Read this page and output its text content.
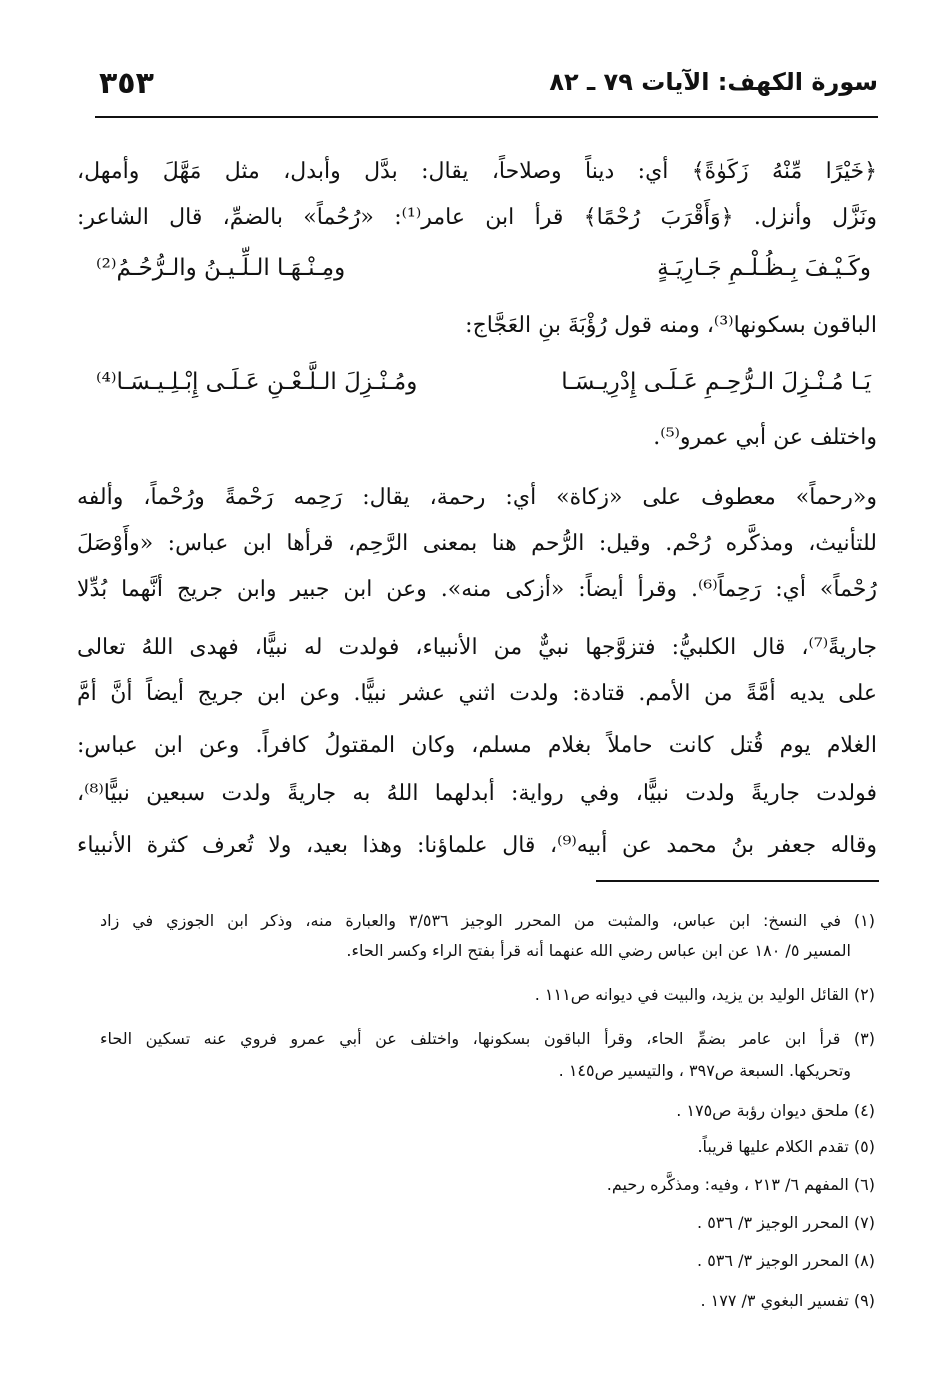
سورة الكهف: الآيات ٧٩ ـ ٨٢
٣٥٣
﴿خَيْرًا مِّنْهُ زَكَوٰةً﴾ أي: ديناً وصلاحاً، يقال: بدَّل وأبدل، مثل مَهَّلَ وأمهل،
ونَزَّل وأنزل. ﴿وَأَقْرَبَ رُحْمًا﴾ قرأ ابن عامر⁽¹⁾: «رُحُماً» بالضمِّ، قال الشاعر:
وكَـيْـفَ بِـظُـلْـمِ جَـارِيَـةٍ
ومِـنْـهَـا الـلِّـيـنُ والـرُّحُـمُ⁽²⁾
الباقون بسكونها⁽³⁾، ومنه قول رُؤْبَةَ بنِ العَجَّاج:
يَـا مُـنْـزِلَ الـرُّحِـمِ عَـلَـى إِدْرِيـسَـا
ومُـنْـزِلَ الـلَّـعْـنِ عَـلَـى إِبْـلِـيـسَـا⁽⁴⁾
واختلف عن أبي عمرو⁽⁵⁾.
و«رحماً» معطوف على «زكاة» أي: رحمة، يقال: رَحِمه رَحْمةً ورُحْماً، وألفه
للتأنيث، ومذكَّره رُحْم. وقيل: الرُّحم هنا بمعنى الرَّحِم، قرأها ابن عباس: «وأَوْصَلَ
رُحْماً» أي: رَحِماً⁽⁶⁾. وقرأ أيضاً: «أزكى منه». وعن ابن جبير وابن جريج أنَّهما بُدِّلا
جاريةً⁽⁷⁾، قال الكلبيُّ: فتزوَّجها نبيٌّ من الأنبياء، فولدت له نبيًّا، فهدى اللهُ تعالى
على يديه أمَّةً من الأمم. قتادة: ولدت اثني عشر نبيًّا. وعن ابن جريج أيضاً أنَّ أمَّ
الغلام يوم قُتل كانت حاملاً بغلام مسلم، وكان المقتولُ كافراً. وعن ابن عباس:
فولدت جاريةً ولدت نبيًّا، وفي رواية: أبدلهما اللهُ به جاريةً ولدت سبعين نبيًّا⁽⁸⁾،
وقاله جعفر بنُ محمد عن أبيه⁽⁹⁾، قال علماؤنا: وهذا بعيد، ولا تُعرف كثرة الأنبياء
(١) في النسخ: ابن عباس، والمثبت من المحرر الوجيز ٣/٥٣٦ والعبارة منه، وذكر ابن الجوزي في زاد
المسير ٥/ ١٨٠ عن ابن عباس رضي الله عنهما أنه قرأ بفتح الراء وكسر الحاء.
(٢) القائل الوليد بن يزيد، والبيت في ديوانه ص١١١ .
(٣) قرأ ابن عامر بضمِّ الحاء، وقرأ الباقون بسكونها، واختلف عن أبي عمرو فروي عنه تسكين الحاء
وتحريكها. السبعة ص٣٩٧ ، والتيسير ص١٤٥ .
(٤) ملحق ديوان رؤبة ص١٧٥ .
(٥) تقدم الكلام عليها قريباً.
(٦) المفهم ٦/ ٢١٣ ، وفيه: ومذكَّره رحيم.
(٧) المحرر الوجيز ٣/ ٥٣٦ .
(٨) المحرر الوجيز ٣/ ٥٣٦ .
(٩) تفسير البغوي ٣/ ١٧٧ .
